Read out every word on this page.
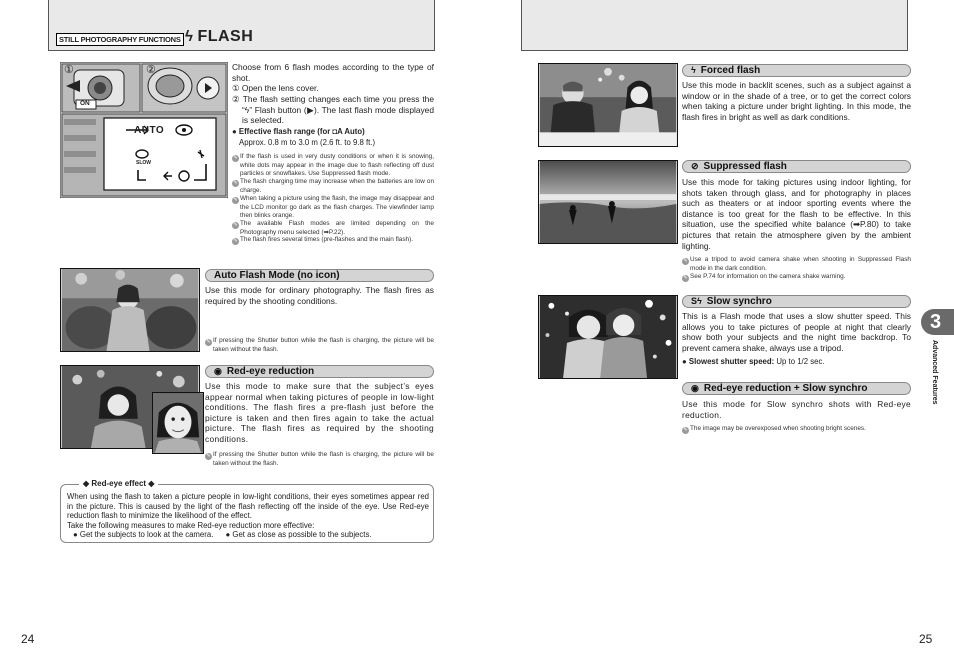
STILL PHOTOGRAPHY FUNCTIONS ϟ FLASH
①	②
ON
AUTO
SLOW
Choose from 6 flash modes according to the type of shot.
① Open the lens cover.
② The flash setting changes each time you press the “ϟ” Flash button (▶). The last flash mode displayed is selected.
● Effective flash range (for ◘A Auto)
Approx. 0.8 m to 3.0 m (2.6 ft. to 9.8 ft.)

✎ If the flash is used in very dusty conditions or when it is snowing, white dots may appear in the image due to flash reflecting off dust particles or snowflakes. Use Suppressed flash mode.

✎ The flash charging time may increase when the batteries are low on charge.

✎ When taking a picture using the flash, the image may disappear and the LCD monitor go dark as the flash charges. The viewfinder lamp then blinks orange.

✎ The available Flash modes are limited depending on the Photography menu selected (➡P.22).

✎ The flash fires several times (pre-flashes and the main flash).

Auto Flash Mode (no icon)
Use this mode for ordinary photography. The flash fires as required by the shooting conditions.

✎ If pressing the Shutter button while the flash is charging, the picture will be taken without the flash.

◉ Red-eye reduction
Use this mode to make sure that the subject’s eyes appear normal when taking pictures of people in low-light conditions. The flash fires a pre-flash just before the picture is taken and then fires again to take the actual picture. The flash fires as required by the shooting conditions.

✎ If pressing the Shutter button while the flash is charging, the picture will be taken without the flash.

◆ Red-eye effect ◆
When using the flash to taken a picture people in low-light conditions, their eyes sometimes appear red in the picture. This is caused by the light of the flash reflecting off the inside of the eye. Use Red-eye reduction flash to minimize the likelihood of the effect.
Take the following measures to make Red-eye reduction more effective:
● Get the subjects to look at the camera. ● Get as close as possible to the subjects.
24
ϟ Forced flash
Use this mode in backlit scenes, such as a subject against a window or in the shade of a tree, or to get the correct colors when taking a picture under bright lighting. In this mode, the flash fires in bright as well as dark conditions.
⊘ Suppressed flash
Use this mode for taking pictures using indoor lighting, for shots taken through glass, and for photography in places such as theaters or at indoor sporting events where the distance is too great for the flash to be effective. In this situation, use the specified white balance (➡P.80) to take pictures that retain the atmosphere given by the ambient lighting.

✎ Use a tripod to avoid camera shake when shooting in Suppressed Flash mode in the dark condition.

✎ See P.74 for information on the camera shake warning.

Sϟ Slow synchro
This is a Flash mode that uses a slow shutter speed. This allows you to take pictures of people at night that clearly show both your subjects and the night time backdrop. To prevent camera shake, always use a tripod.
● Slowest shutter speed: Up to 1/2 sec.
◉ Red-eye reduction + Slow synchro
Use this mode for Slow synchro shots with Red-eye reduction.

✎ The image may be overexposed when shooting bright scenes.

3
Advanced Features
25
